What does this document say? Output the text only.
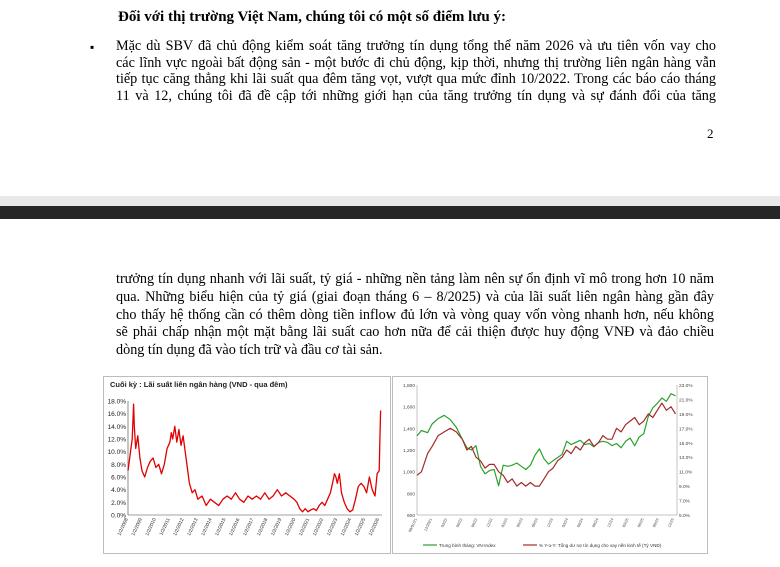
Đối với thị trường Việt Nam, chúng tôi có một số điểm lưu ý:
▪ Mặc dù SBV đã chủ động kiểm soát tăng trưởng tín dụng tổng thể năm 2026 và ưu tiên vốn vay cho
các lĩnh vực ngoài bất động sản - một bước đi chủ động, kịp thời, nhưng thị trường liên ngân hàng vẫn
tiếp tục căng thẳng khi lãi suất qua đêm tăng vọt, vượt qua mức đỉnh 10/2022. Trong các báo cáo tháng
11 và 12, chúng tôi đã đề cập tới những giới hạn của tăng trưởng tín dụng và sự đánh đổi của tăng
2
trưởng tín dụng nhanh với lãi suất, tỷ giá - những nền tảng làm nên sự ổn định vĩ mô trong hơn 10 năm
qua. Những biểu hiện của tỷ giá (giai đoạn tháng 6 – 8/2025) và của lãi suất liên ngân hàng gần đây
cho thấy hệ thống cần có thêm dòng tiền inflow đủ lớn và vòng quay vốn vòng nhanh hơn, nếu không
sẽ phải chấp nhận một mặt bằng lãi suất cao hơn nữa để cải thiện được huy động VNĐ và đảo chiều
dòng tín dụng đã vào tích trữ và đầu cơ tài sản.
Cuối kỳ : Lãi suất liên ngân hàng (VND - qua đêm)
0.0%
2.0%
4.0%
6.0%
8.0%
10.0%
12.0%
14.0%
16.0%
18.0%
1/2/2008 1/2/2009 1/2/2010 1/2/2011 1/2/2012 1/2/2013 1/2/2014 1/2/2015 1/2/2016 1/2/2017 1/2/2018 1/2/2019 1/2/2020 1/2/2021 1/2/2022 1/2/2023 1/2/2024 1/2/2025 1/2/2026
600
800
1,000
1,200
1,400
1,600
1,800
5.0%
7.0%
9.0%
11.0%
13.0%
15.0%
17.0%
19.0%
21.0%
23.0%
09/01/21 12/2021 03/22 06/22 09/22 12/22 03/23 06/23 09/23 12/23 03/24 06/24 09/24 12/24 03/25 06/25 09/25 12/25
Trung bình tháng: VN-Index	% Y-o-Y: Tổng dư nợ tín dụng cho vay nền kinh tế (Tỷ VNĐ)
